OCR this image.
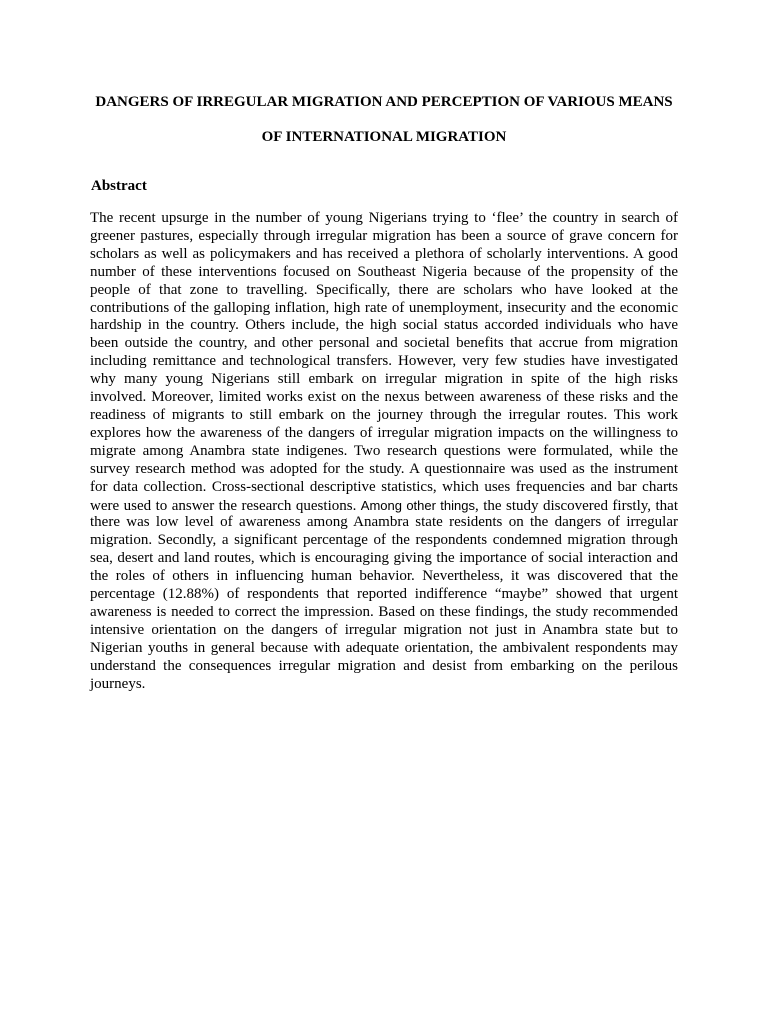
DANGERS OF IRREGULAR MIGRATION AND PERCEPTION OF VARIOUS MEANS
OF INTERNATIONAL MIGRATION
Abstract
The recent upsurge in the number of young Nigerians trying to ‘flee’ the country in search of
greener pastures, especially through irregular migration has been a source of grave concern for
scholars as well as policymakers and has received a plethora of scholarly interventions. A good
number of these interventions focused on Southeast Nigeria because of the propensity of the
people of that zone to travelling. Specifically, there are scholars who have looked at the
contributions of the galloping inflation, high rate of unemployment, insecurity and the economic
hardship in the country. Others include, the high social status accorded individuals who have
been outside the country, and other personal and societal benefits that accrue from migration
including remittance and technological transfers. However, very few studies have investigated
why many young Nigerians still embark on irregular migration in spite of the high risks
involved. Moreover, limited works exist on the nexus between awareness of these risks and the
readiness of migrants to still embark on the journey through the irregular routes. This work
explores how the awareness of the dangers of irregular migration impacts on the willingness to
migrate among Anambra state indigenes. Two research questions were formulated, while the
survey research method was adopted for the study. A questionnaire was used as the instrument
for data collection. Cross-sectional descriptive statistics, which uses frequencies and bar charts
were used to answer the research questions. Among other things, the study discovered firstly, that
there was low level of awareness among Anambra state residents on the dangers of irregular
migration. Secondly, a significant percentage of the respondents condemned migration through
sea, desert and land routes, which is encouraging giving the importance of social interaction and
the roles of others in influencing human behavior. Nevertheless, it was discovered that the
percentage (12.88%) of respondents that reported indifference “maybe” showed that urgent
awareness is needed to correct the impression. Based on these findings, the study recommended
intensive orientation on the dangers of irregular migration not just in Anambra state but to
Nigerian youths in general because with adequate orientation, the ambivalent respondents may
understand the consequences irregular migration and desist from embarking on the perilous
journeys.
